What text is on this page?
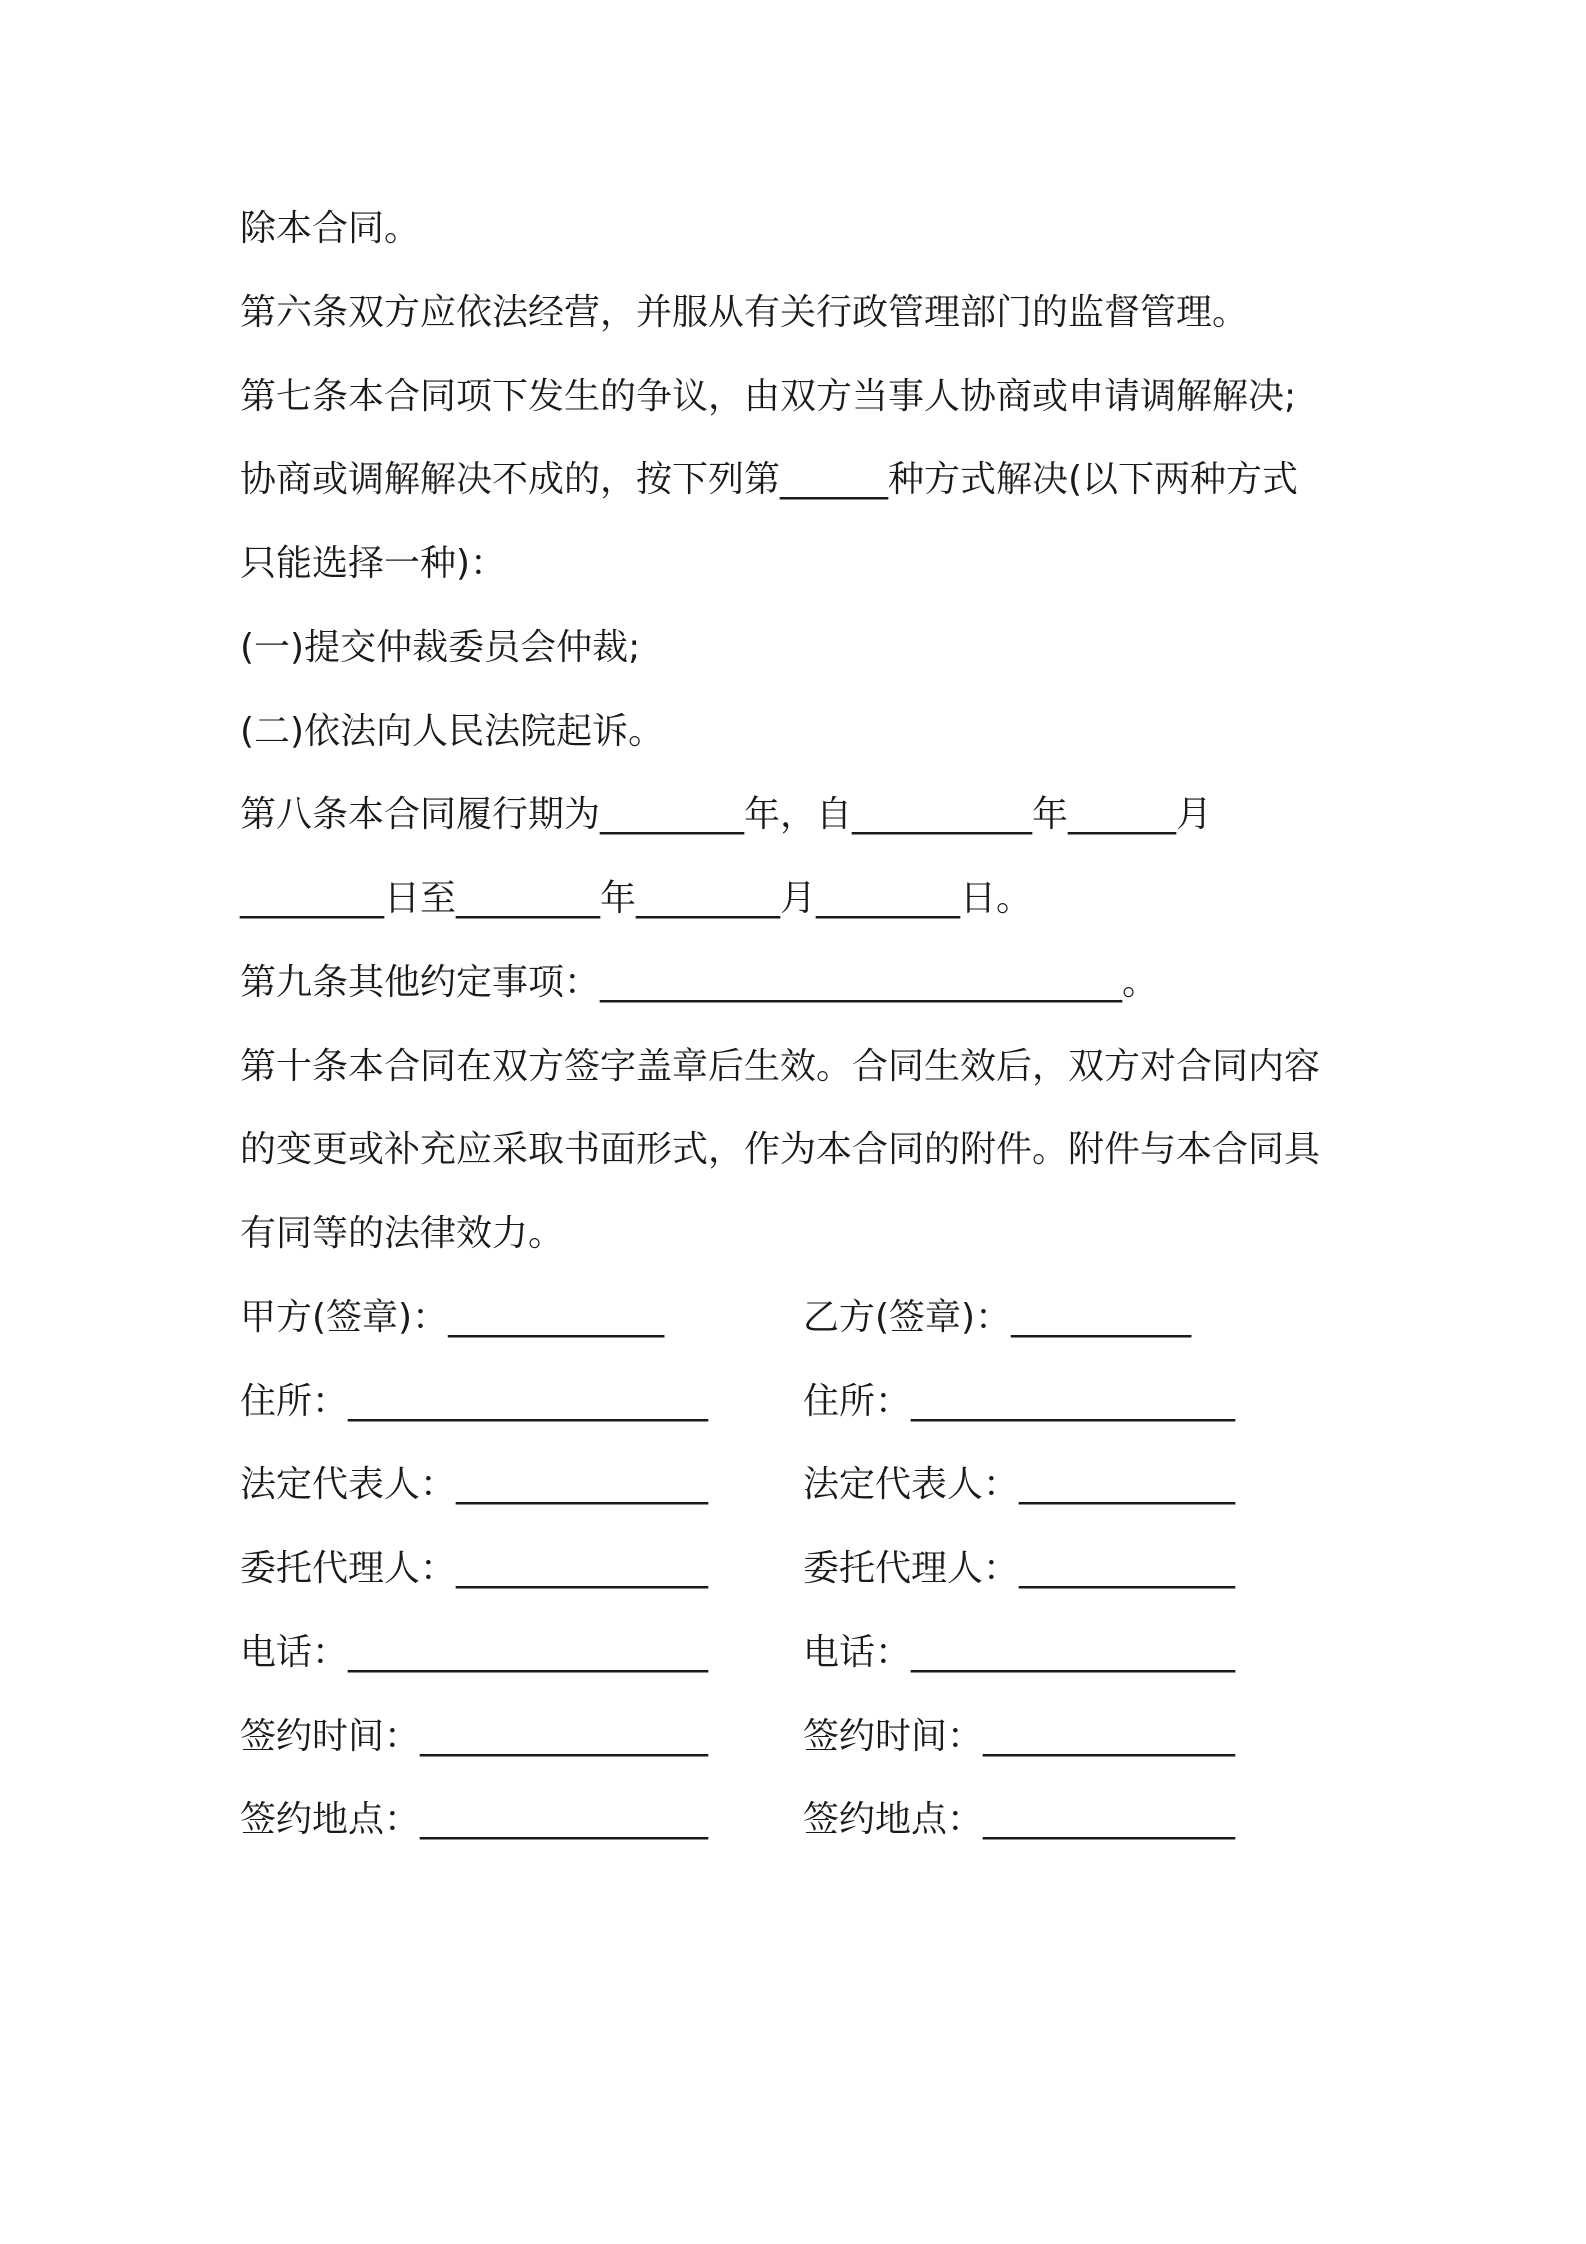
除本合同。

第六条双方应依法经营，并服从有关行政管理部门的监督管理。

第七条本合同项下发生的争议，由双方当事人协商或申请调解解决;

协商或调解解决不成的，按下列第______种方式解决(以下两种方式

只能选择一种)：

(一)提交仲裁委员会仲裁;

(二)依法向人民法院起诉。

第八条本合同履行期为________年，自__________年______月

________日至________年________月________日。

第九条其他约定事项：_____________________________。

第十条本合同在双方签字盖章后生效。合同生效后，双方对合同内容

的变更或补充应采取书面形式，作为本合同的附件。附件与本合同具

有同等的法律效力。

甲方(签章)：____________	乙方(签章)：__________

住所：____________________	住所：__________________

法定代表人：______________	法定代表人：____________

委托代理人：______________	委托代理人：____________

电话：____________________	电话：__________________

签约时间：________________	签约时间：______________

签约地点：________________	签约地点：______________
